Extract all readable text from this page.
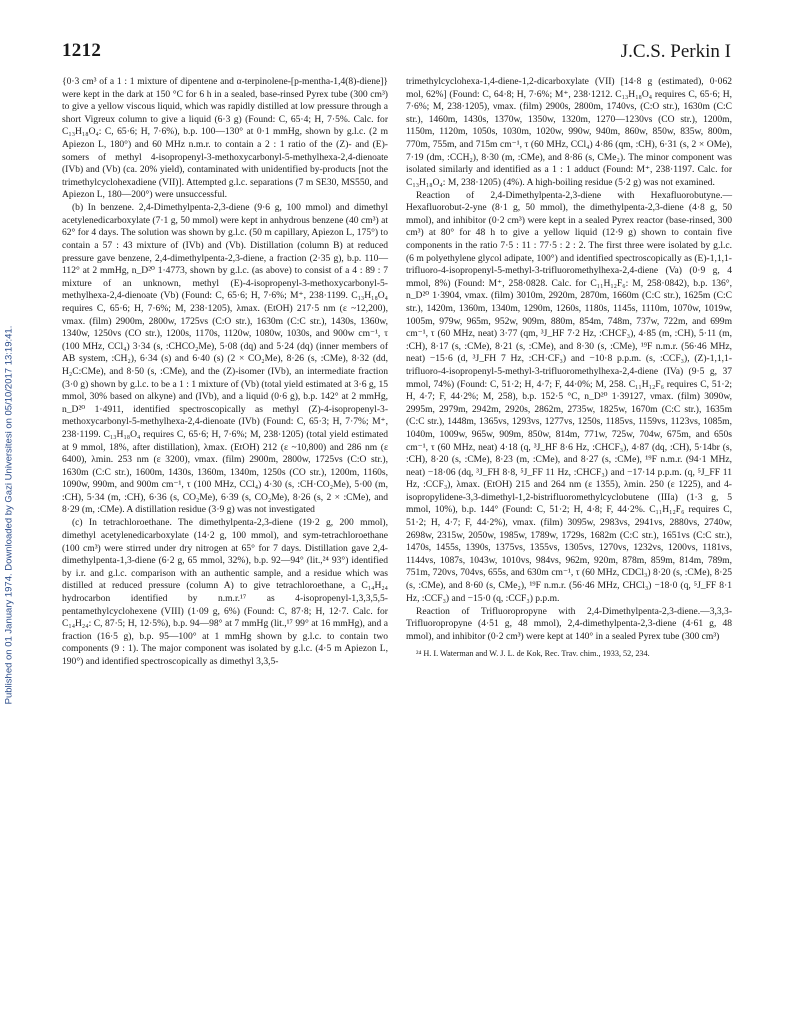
Published on 01 January 1974. Downloaded by Gazi Universitesi on 05/10/2017 13:19:41.
1212	J.C.S. Perkin I

{0·3 cm³ of a 1 : 1 mixture of dipentene and α-terpinolene-[p-mentha-1,4(8)-diene]} were kept in the dark at 150 °C for 6 h in a sealed, base-rinsed Pyrex tube (300 cm³) to give a yellow viscous liquid, which was rapidly distilled at low pressure through a short Vigreux column to give a liquid (6·3 g) (Found: C, 65·4; H, 7·5%. Calc. for C₁₃H₁₈O₄: C, 65·6; H, 7·6%), b.p. 100—130° at 0·1 mmHg, shown by g.l.c. (2 m Apiezon L, 180°) and 60 MHz n.m.r. to contain a 2 : 1 ratio of the (Z)- and (E)- somers of methyl 4-isopropenyl-3-methoxycarbonyl-5-methylhexa-2,4-dienoate (IVb) and (Vb) (ca. 20% yield), contaminated with unidentified by-products [not the trimethylcyclohexadiene (VII)]. Attempted g.l.c. separations (7 m SE30, MS550, and Apiezon L, 180—200°) were unsuccessful.

(b) In benzene. 2,4-Dimethylpenta-2,3-diene (9·6 g, 100 mmol) and dimethyl acetylenedicarboxylate (7·1 g, 50 mmol) were kept in anhydrous benzene (40 cm³) at 62° for 4 days. The solution was shown by g.l.c. (50 m capillary, Apiezon L, 175°) to contain a 57 : 43 mixture of (IVb) and (Vb). Distillation (column B) at reduced pressure gave benzene, 2,4-dimethylpenta-2,3-diene, a fraction (2·35 g), b.p. 110—112° at 2 mmHg, n_D²⁰ 1·4773, shown by g.l.c. (as above) to consist of a 4 : 89 : 7 mixture of an unknown, methyl (E)-4-isopropenyl-3-methoxycarbonyl-5-methylhexa-2,4-dienoate (Vb) (Found: C, 65·6; H, 7·6%; M⁺, 238·1199. C₁₃H₁₈O₄ requires C, 65·6; H, 7·6%; M, 238·1205), λmax. (EtOH) 217·5 nm (ε ~12,200), νmax. (film) 2900m, 2800w, 1725vs (C:O str.), 1630m (C:C str.), 1430s, 1360w, 1340w, 1250vs (CO str.), 1200s, 1170s, 1120w, 1080w, 1030s, and 900w cm⁻¹, τ (100 MHz, CCl₄) 3·34 (s, :CHCO₂Me), 5·08 (dq) and 5·24 (dq) (inner members of AB system, :CH₂), 6·34 (s) and 6·40 (s) (2 × CO₂Me), 8·26 (s, :CMe), 8·32 (dd, H₂C:CMe), and 8·50 (s, :CMe), and the (Z)-isomer (IVb), an intermediate fraction (3·0 g) shown by g.l.c. to be a 1 : 1 mixture of (Vb) (total yield estimated at 3·6 g, 15 mmol, 30% based on alkyne) and (IVb), and a liquid (0·6 g), b.p. 142° at 2 mmHg, n_D²⁰ 1·4911, identified spectroscopically as methyl (Z)-4-isopropenyl-3-methoxycarbonyl-5-methylhexa-2,4-dienoate (IVb) (Found: C, 65·3; H, 7·7%; M⁺, 238·1199. C₁₃H₁₈O₄ requires C, 65·6; H, 7·6%; M, 238·1205) (total yield estimated at 9 mmol, 18%, after distillation), λmax. (EtOH) 212 (ε ~10,800) and 286 nm (ε 6400), λmin. 253 nm (ε 3200), νmax. (film) 2900m, 2800w, 1725vs (C:O str.), 1630m (C:C str.), 1600m, 1430s, 1360m, 1340m, 1250s (CO str.), 1200m, 1160s, 1090w, 990m, and 900m cm⁻¹, τ (100 MHz, CCl₄) 4·30 (s, :CH·CO₂Me), 5·00 (m, :CH), 5·34 (m, :CH), 6·36 (s, CO₂Me), 6·39 (s, CO₂Me), 8·26 (s, 2 × :CMe), and 8·29 (m, :CMe). A distillation residue (3·9 g) was not investigated

(c) In tetrachloroethane. The dimethylpenta-2,3-diene (19·2 g, 200 mmol), dimethyl acetylenedicarboxylate (14·2 g, 100 mmol), and sym-tetrachloroethane (100 cm³) were stirred under dry nitrogen at 65° for 7 days. Distillation gave 2,4-dimethylpenta-1,3-diene (6·2 g, 65 mmol, 32%), b.p. 92—94° (lit.,²⁴ 93°) identified by i.r. and g.l.c. comparison with an authentic sample, and a residue which was distilled at reduced pressure (column A) to give tetrachloroethane, a C₁₄H₂₄ hydrocarbon identified by n.m.r.¹⁷ as 4-isopropenyl-1,3,3,5,5-pentamethylcyclohexene (VIII) (1·09 g, 6%) (Found: C, 87·8; H, 12·7. Calc. for C₁₄H₂₄: C, 87·5; H, 12·5%), b.p. 94—98° at 7 mmHg (lit.,¹⁷ 99° at 16 mmHg), and a fraction (16·5 g), b.p. 95—100° at 1 mmHg shown by g.l.c. to contain two components (9 : 1). The major component was isolated by g.l.c. (4·5 m Apiezon L, 190°) and identified spectroscopically as dimethyl 3,3,5-

trimethylcyclohexa-1,4-diene-1,2-dicarboxylate (VII) [14·8 g (estimated), 0·062 mol, 62%] (Found: C, 64·8; H, 7·6%; M⁺, 238·1212. C₁₃H₁₈O₄ requires C, 65·6; H, 7·6%; M, 238·1205), νmax. (film) 2900s, 2800m, 1740vs, (C:O str.), 1630m (C:C str.), 1460m, 1430s, 1370w, 1350w, 1320m, 1270—1230vs (CO str.), 1200m, 1150m, 1120m, 1050s, 1030m, 1020w, 990w, 940m, 860w, 850w, 835w, 800m, 770m, 755m, and 715m cm⁻¹, τ (60 MHz, CCl₄) 4·86 (qm, :CH), 6·31 (s, 2 × OMe), 7·19 (dm, :CCH₂), 8·30 (m, :CMe), and 8·86 (s, CMe₂). The minor component was isolated similarly and identified as a 1 : 1 adduct (Found: M⁺, 238·1197. Calc. for C₁₃H₁₈O₄: M, 238·1205) (4%). A high-boiling residue (5·2 g) was not examined.

Reaction of 2,4-Dimethylpenta-2,3-diene with Hexafluorobutyne.—Hexafluorobut-2-yne (8·1 g, 50 mmol), the dimethylpenta-2,3-diene (4·8 g, 50 mmol), and inhibitor (0·2 cm³) were kept in a sealed Pyrex reactor (base-rinsed, 300 cm³) at 80° for 48 h to give a yellow liquid (12·9 g) shown to contain five components in the ratio 7·5 : 11 : 77·5 : 2 : 2. The first three were isolated by g.l.c. (6 m polyethylene glycol adipate, 100°) and identified spectroscopically as (E)-1,1,1-trifluoro-4-isopropenyl-5-methyl-3-trifluoromethylhexa-2,4-diene (Va) (0·9 g, 4 mmol, 8%) (Found: M⁺, 258·0828. Calc. for C₁₁H₁₂F₆: M, 258·0842), b.p. 136°, n_D²⁰ 1·3904, νmax. (film) 3010m, 2920m, 2870m, 1660m (C:C str.), 1625m (C:C str.), 1420m, 1360m, 1340m, 1290m, 1260s, 1180s, 1145s, 1110m, 1070w, 1019w, 1005m, 979w, 965m, 952w, 909m, 880m, 854m, 748m, 737w, 722m, and 699m cm⁻¹, τ (60 MHz, neat) 3·77 (qm, ³J_HF 7·2 Hz, :CHCF₃), 4·85 (m, :CH), 5·11 (m, :CH), 8·17 (s, :CMe), 8·21 (s, :CMe), and 8·30 (s, :CMe), ¹⁹F n.m.r. (56·46 MHz, neat) −15·6 (d, ³J_FH 7 Hz, :CH·CF₃) and −10·8 p.p.m. (s, :CCF₃), (Z)-1,1,1-trifluoro-4-isopropenyl-5-methyl-3-trifluoromethylhexa-2,4-diene (IVa) (9·5 g, 37 mmol, 74%) (Found: C, 51·2; H, 4·7; F, 44·0%; M, 258. C₁₁H₁₂F₆ requires C, 51·2; H, 4·7; F, 44·2%; M, 258), b.p. 152·5 °C, n_D²⁰ 1·39127, νmax. (film) 3090w, 2995m, 2979m, 2942m, 2920s, 2862m, 2735w, 1825w, 1670m (C:C str.), 1635m (C:C str.), 1448m, 1365vs, 1293vs, 1277vs, 1250s, 1185vs, 1159vs, 1123vs, 1085m, 1040m, 1009w, 965w, 909m, 850w, 814m, 771w, 725w, 704w, 675m, and 650s cm⁻¹, τ (60 MHz, neat) 4·18 (q, ³J_HF 8·6 Hz, :CHCF₃), 4·87 (dq, :CH), 5·14br (s, :CH), 8·20 (s, :CMe), 8·23 (m, :CMe), and 8·27 (s, :CMe), ¹⁹F n.m.r. (94·1 MHz, neat) −18·06 (dq, ³J_FH 8·8, ⁵J_FF 11 Hz, :CHCF₃) and −17·14 p.p.m. (q, ⁵J_FF 11 Hz, :CCF₃), λmax. (EtOH) 215 and 264 nm (ε 1355), λmin. 250 (ε 1225), and 4-isopropylidene-3,3-dimethyl-1,2-bistrifluoromethylcyclobutene (IIIa) (1·3 g, 5 mmol, 10%), b.p. 144° (Found: C, 51·2; H, 4·8; F, 44·2%. C₁₁H₁₂F₆ requires C, 51·2; H, 4·7; F, 44·2%), νmax. (film) 3095w, 2983vs, 2941vs, 2880vs, 2740w, 2698w, 2315w, 2050w, 1985w, 1789w, 1729s, 1682m (C:C str.), 1651vs (C:C str.), 1470s, 1455s, 1390s, 1375vs, 1355vs, 1305vs, 1270vs, 1232vs, 1200vs, 1181vs, 1144vs, 1087s, 1043w, 1010vs, 984vs, 962m, 920m, 878m, 859m, 814m, 789m, 751m, 720vs, 704vs, 655s, and 630m cm⁻¹, τ (60 MHz, CDCl₃) 8·20 (s, :CMe), 8·25 (s, :CMe), and 8·60 (s, CMe₂), ¹⁹F n.m.r. (56·46 MHz, CHCl₃) −18·0 (q, ⁵J_FF 8·1 Hz, :CCF₃) and −15·0 (q, :CCF₃) p.p.m.

Reaction of Trifluoropropyne with 2,4-Dimethylpenta-2,3-diene.—3,3,3-Trifluoropropyne (4·51 g, 48 mmol), 2,4-dimethylpenta-2,3-diene (4·61 g, 48 mmol), and inhibitor (0·2 cm³) were kept at 140° in a sealed Pyrex tube (300 cm³)

²⁴ H. I. Waterman and W. J. L. de Kok, Rec. Trav. chim., 1933, 52, 234.
